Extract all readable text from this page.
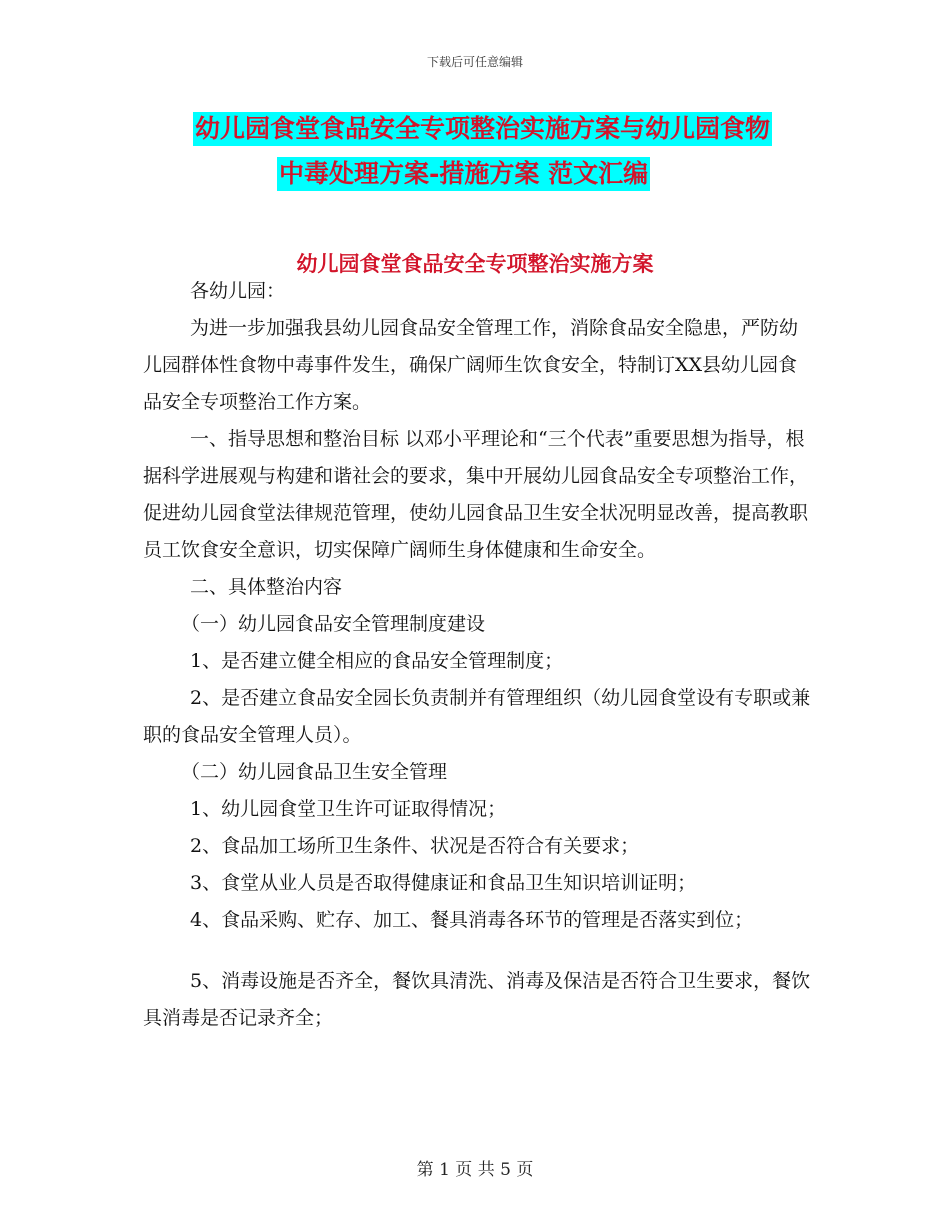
下载后可任意编辑
幼儿园食堂食品安全专项整治实施方案与幼儿园食物
中毒处理方案-措施方案 范文汇编
幼儿园食堂食品安全专项整治实施方案

各幼儿园：

为进一步加强我县幼儿园食品安全管理工作，消除食品安全隐患，严防幼儿园群体性食物中毒事件发生，确保广阔师生饮食安全，特制订XX县幼儿园食品安全专项整治工作方案。

一、指导思想和整治目标 以邓小平理论和“三个代表”重要思想为指导，根据科学进展观与构建和谐社会的要求，集中开展幼儿园食品安全专项整治工作，促进幼儿园食堂法律规范管理，使幼儿园食品卫生安全状况明显改善，提高教职员工饮食安全意识，切实保障广阔师生身体健康和生命安全。

二、具体整治内容

（一）幼儿园食品安全管理制度建设

1、是否建立健全相应的食品安全管理制度；

2、是否建立食品安全园长负责制并有管理组织（幼儿园食堂设有专职或兼职的食品安全管理人员）。

（二）幼儿园食品卫生安全管理

1、幼儿园食堂卫生许可证取得情况；

2、食品加工场所卫生条件、状况是否符合有关要求；

3、食堂从业人员是否取得健康证和食品卫生知识培训证明；

4、食品采购、贮存、加工、餐具消毒各环节的管理是否落实到位；

5、消毒设施是否齐全，餐饮具清洗、消毒及保洁是否符合卫生要求，餐饮具消毒是否记录齐全；

第 1 页 共 5 页
